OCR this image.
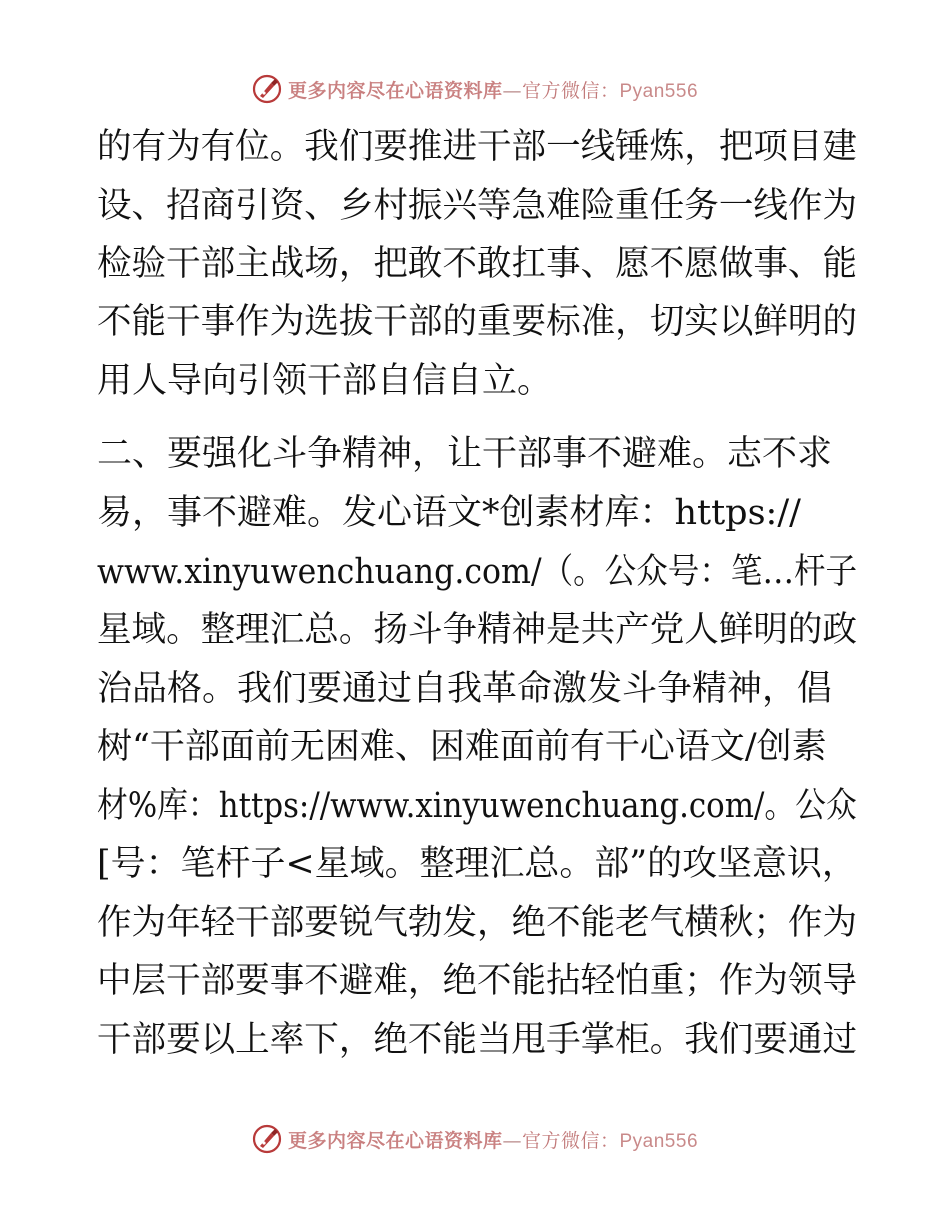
更多内容尽在心语资料库—官方微信：Pyan556
的有为有位。我们要推进干部一线锤炼，把项目建
设、招商引资、乡村振兴等急难险重任务一线作为
检验干部主战场，把敢不敢扛事、愿不愿做事、能
不能干事作为选拔干部的重要标准，切实以鲜明的
用人导向引领干部自信自立。
二、要强化斗争精神，让干部事不避难。志不求
易，事不避难。发心语文*创素材库：https://
www.xinyuwenchuang.com/（。公众号：笔…杆子
星域。整理汇总。扬斗争精神是共产党人鲜明的政
治品格。我们要通过自我革命激发斗争精神，倡
树“干部面前无困难、困难面前有干心语文/创素
材%库：https://www.xinyuwenchuang.com/。公众
[号：笔杆子<星域。整理汇总。部”的攻坚意识，
作为年轻干部要锐气勃发，绝不能老气横秋；作为
中层干部要事不避难，绝不能拈轻怕重；作为领导
干部要以上率下，绝不能当甩手掌柜。我们要通过
更多内容尽在心语资料库—官方微信：Pyan556
